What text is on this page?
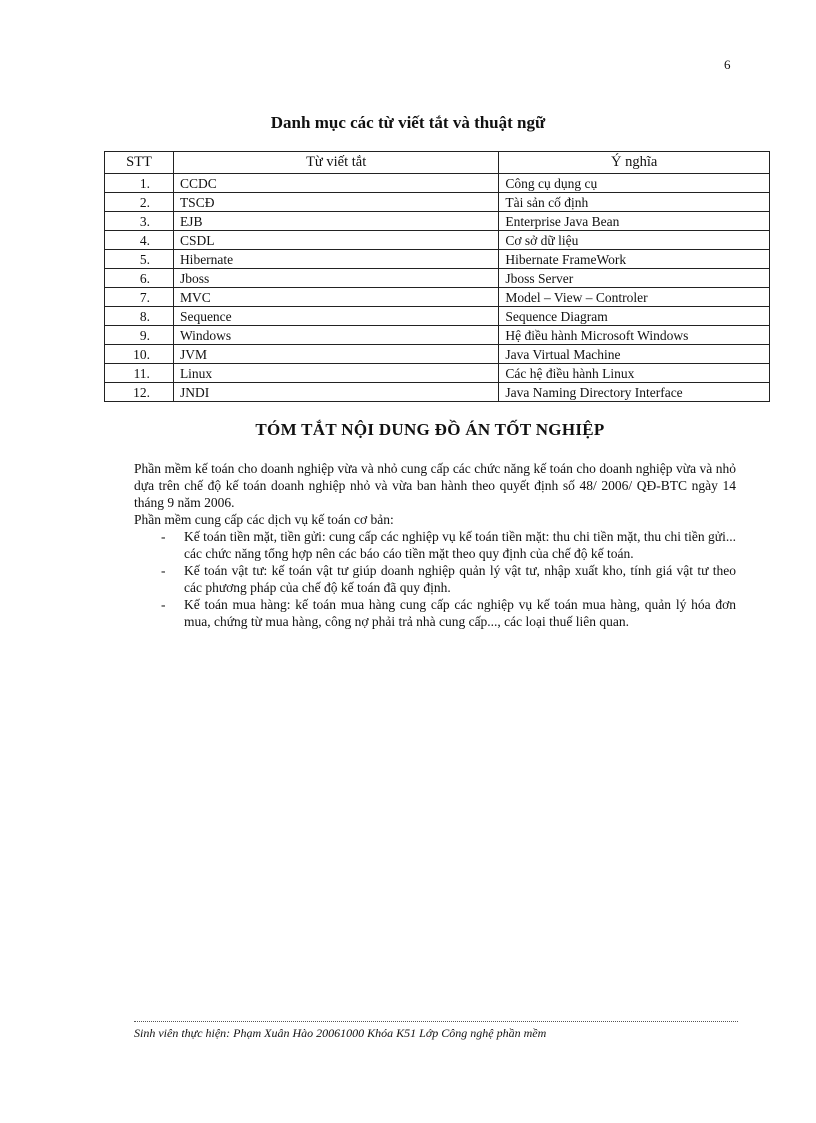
6
Danh mục các từ viết tắt và thuật ngữ
STT	Từ viết tắt	Ý nghĩa
1.	CCDC	Công cụ dụng cụ
2.	TSCĐ	Tài sản cố định
3.	EJB	Enterprise Java Bean
4.	CSDL	Cơ sở dữ liệu
5.	Hibernate	Hibernate FrameWork
6.	Jboss	Jboss Server
7.	MVC	Model – View – Controler
8.	Sequence	Sequence Diagram
9.	Windows	Hệ điều hành Microsoft Windows
10.	JVM	Java Virtual Machine
11.	Linux	Các hệ điều hành Linux
12.	JNDI	Java Naming Directory Interface
TÓM TẮT NỘI DUNG ĐỒ ÁN TỐT NGHIỆP

Phần mềm kế toán cho doanh nghiệp vừa và nhỏ cung cấp các chức năng kế toán cho doanh nghiệp vừa và nhỏ dựa trên chế độ kế toán doanh nghiệp nhỏ và vừa ban hành theo quyết định số 48/ 2006/ QĐ-BTC ngày 14 tháng 9 năm 2006.

Phần mềm cung cấp các dịch vụ kế toán cơ bản:

- Kế toán tiền mặt, tiền gửi: cung cấp các nghiệp vụ kế toán tiền mặt: thu chi tiền mặt, thu chi tiền gửi... các chức năng tổng hợp nên các báo cáo tiền mặt theo quy định của chế độ kế toán.
- Kế toán vật tư: kế toán vật tư giúp doanh nghiệp quản lý vật tư, nhập xuất kho, tính giá vật tư theo các phương pháp của chế độ kế toán đã quy định.
- Kế toán mua hàng: kế toán mua hàng cung cấp các nghiệp vụ kế toán mua hàng, quản lý hóa đơn mua, chứng từ mua hàng, công nợ phải trả nhà cung cấp..., các loại thuế liên quan.
Sinh viên thực hiện: Phạm Xuân Hào 20061000 Khóa K51 Lớp Công nghệ phần mềm
